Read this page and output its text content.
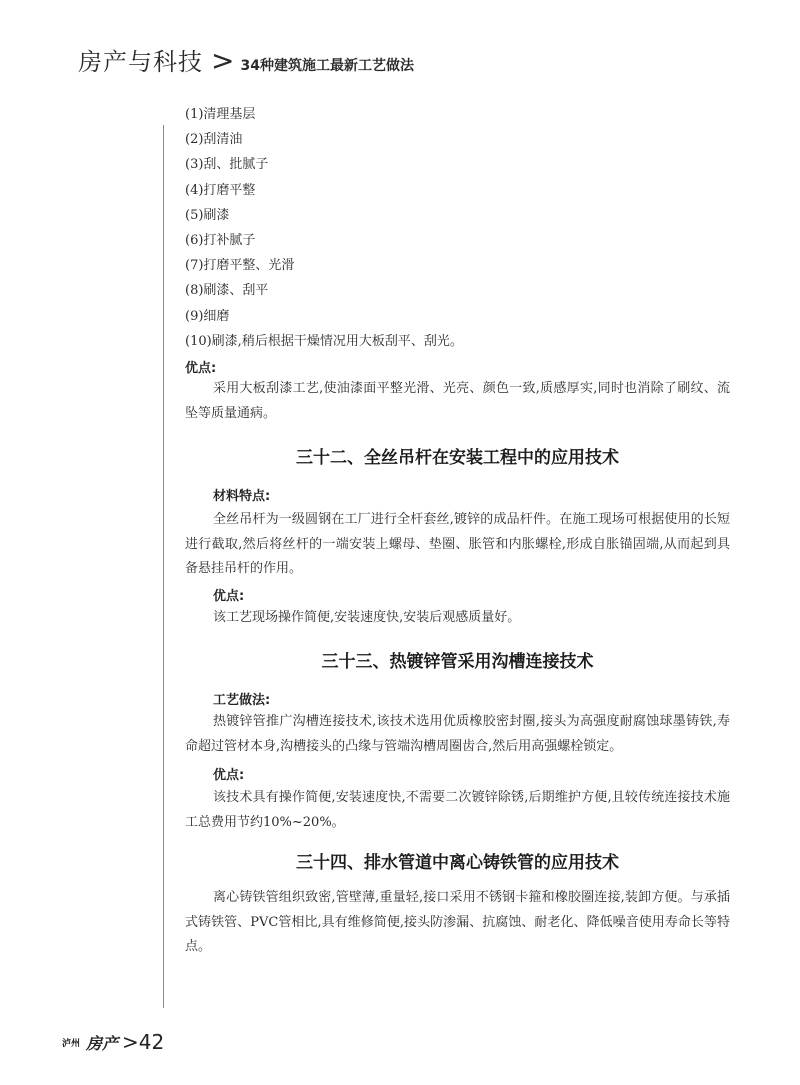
房产与科技 > 34种建筑施工最新工艺做法
(1)清理基层
(2)刮清油
(3)刮、批腻子
(4)打磨平整
(5)刷漆
(6)打补腻子
(7)打磨平整、光滑
(8)刷漆、刮平
(9)细磨
(10)刷漆,稍后根据干燥情况用大板刮平、刮光。
优点:

采用大板刮漆工艺,使油漆面平整光滑、光亮、颜色一致,质感厚实,同时也消除了刷纹、流坠等质量通病。

三十二、全丝吊杆在安装工程中的应用技术
材料特点:

全丝吊杆为一级圆钢在工厂进行全杆套丝,镀锌的成品杆件。在施工现场可根据使用的长短进行截取,然后将丝杆的一端安装上螺母、垫圈、胀管和内胀螺栓,形成自胀锚固端,从而起到具备悬挂吊杆的作用。

优点:

该工艺现场操作简便,安装速度快,安装后观感质量好。

三十三、热镀锌管采用沟槽连接技术
工艺做法:

热镀锌管推广沟槽连接技术,该技术选用优质橡胶密封圈,接头为高强度耐腐蚀球墨铸铁,寿命超过管材本身,沟槽接头的凸缘与管端沟槽周圈齿合,然后用高强螺栓锁定。

优点:

该技术具有操作简便,安装速度快,不需要二次镀锌除锈,后期维护方便,且较传统连接技术施工总费用节约10%~20%。

三十四、排水管道中离心铸铁管的应用技术

离心铸铁管组织致密,管壁薄,重量轻,接口采用不锈钢卡箍和橡胶圈连接,装卸方便。与承插式铸铁管、PVC管相比,具有维修简便,接头防渗漏、抗腐蚀、耐老化、降低噪音使用寿命长等特点。

泸州 房产 > 42
